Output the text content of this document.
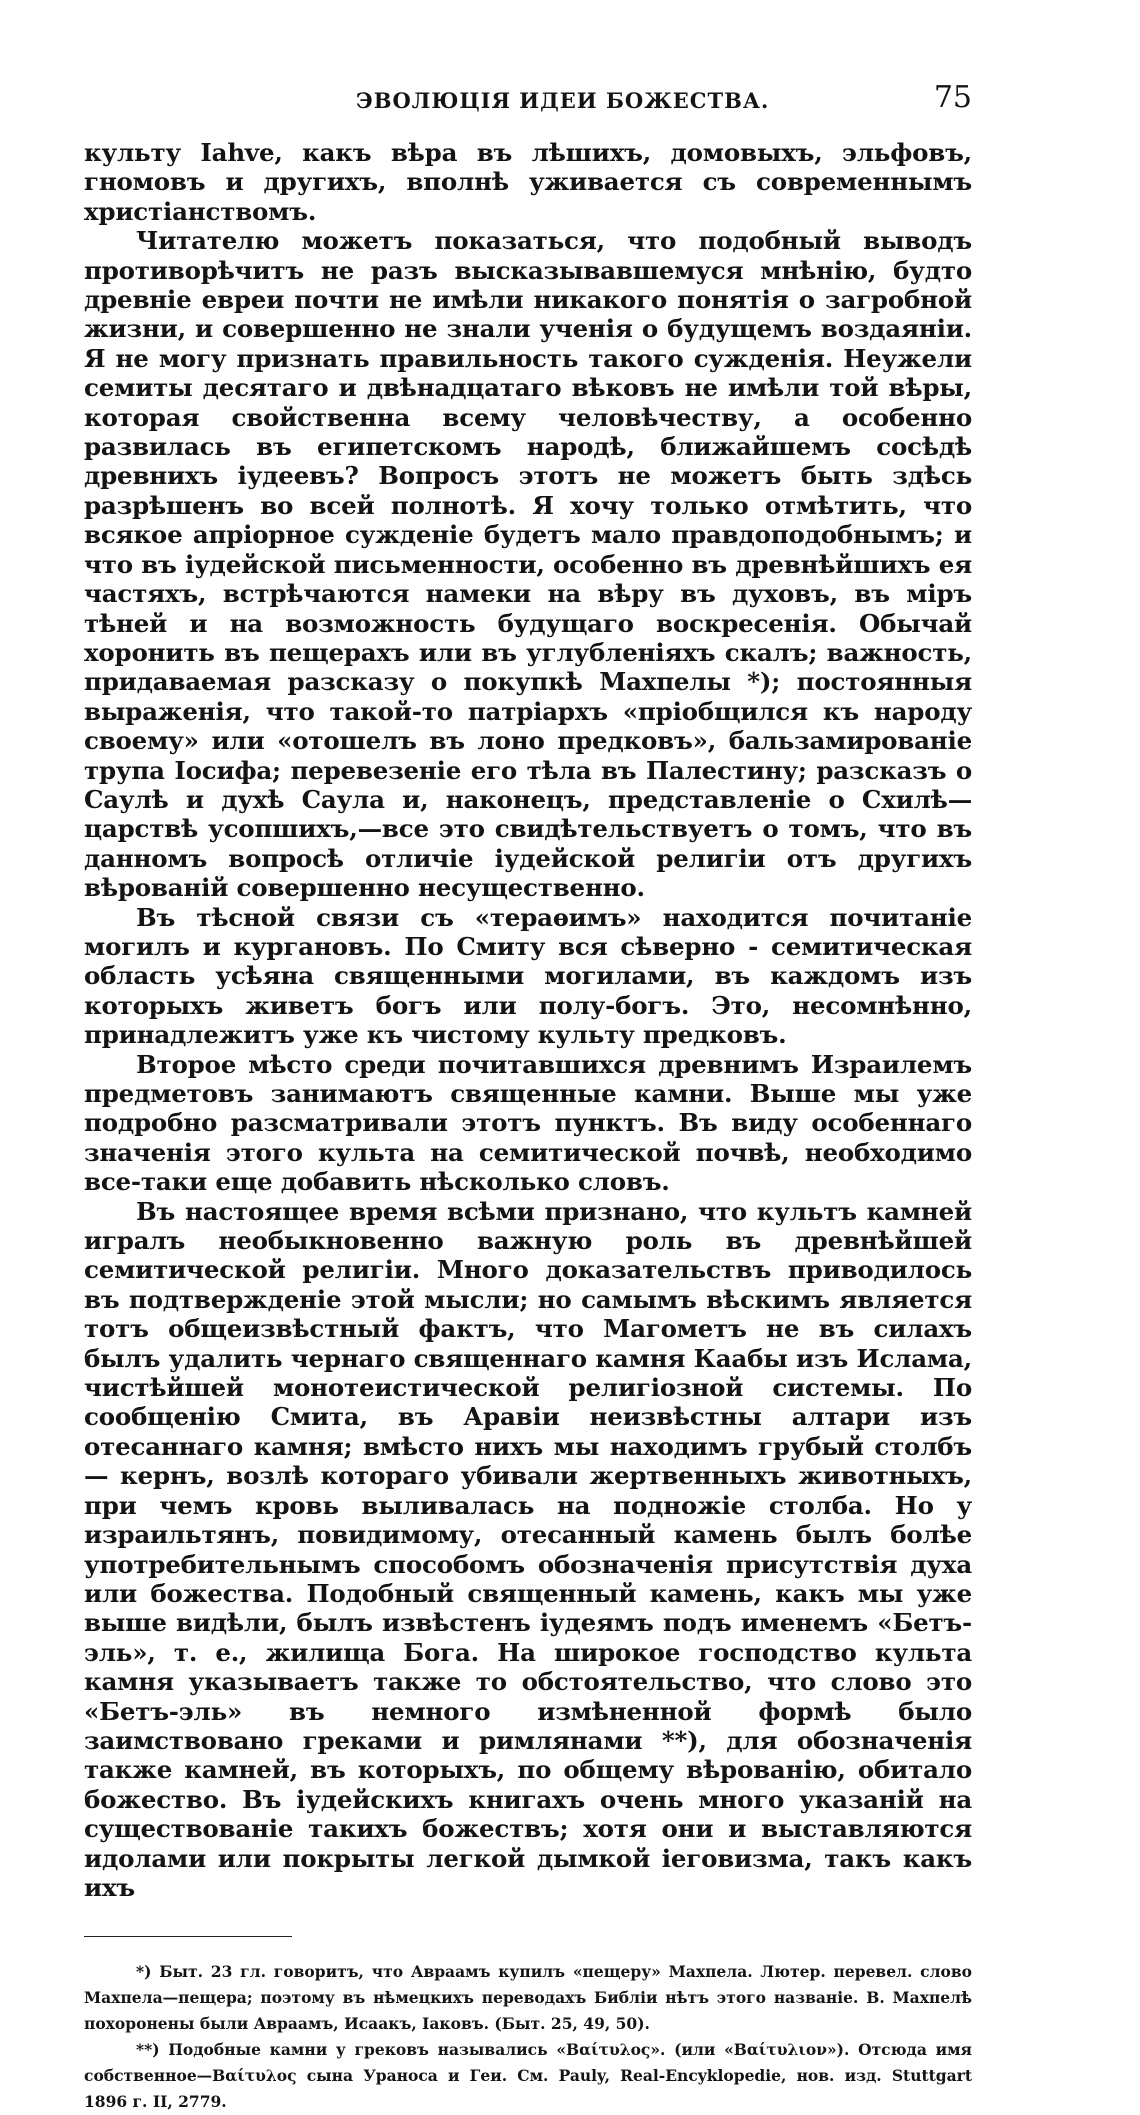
ЭВОЛЮЦІЯ ИДЕИ БОЖЕСТВА.	75

культу Iahve, какъ вѣра въ лѣшихъ, домовыхъ, эльфовъ, гномовъ и другихъ, вполнѣ уживается съ современнымъ христіанствомъ.

Читателю можетъ показаться, что подобный выводъ противорѣчитъ не разъ высказывавшемуся мнѣнію, будто древніе евреи почти не имѣли никакого понятія о загробной жизни, и совершенно не знали ученія о будущемъ воздаяніи. Я не могу признать правильность такого сужденія. Неужели семиты десятаго и двѣнадцатаго вѣковъ не имѣли той вѣры, которая свойственна всему человѣчеству, а особенно развилась въ египетскомъ народѣ, ближайшемъ сосѣдѣ древнихъ іудеевъ? Вопросъ этотъ не можетъ быть здѣсь разрѣшенъ во всей полнотѣ. Я хочу только отмѣтить, что всякое апріорное сужденіе будетъ мало правдоподобнымъ; и что въ іудейской письменности, особенно въ древнѣйшихъ ея частяхъ, встрѣчаются намеки на вѣру въ духовъ, въ міръ тѣней и на возможность будущаго воскресенія. Обычай хоронить въ пещерахъ или въ углубленіяхъ скалъ; важность, придаваемая разсказу о покупкѣ Махпелы *); постоянныя выраженія, что такой-то патріархъ «пріобщился къ народу своему» или «отошелъ въ лоно предковъ», бальзамированіе трупа Іосифа; перевезеніе его тѣла въ Палестину; разсказъ о Саулѣ и духѣ Саула и, наконецъ, представленіе о Схилѣ—царствѣ усопшихъ,—все это свидѣтельствуетъ о томъ, что въ данномъ вопросѣ отличіе іудейской религіи отъ другихъ вѣрованій совершенно несущественно.

Въ тѣсной связи съ «тераѳимъ» находится почитаніе могилъ и кургановъ. По Смиту вся сѣверно - семитическая область усѣяна священными могилами, въ каждомъ изъ которыхъ живетъ богъ или полу-богъ. Это, несомнѣнно, принадлежитъ уже къ чистому культу предковъ.

Второе мѣсто среди почитавшихся древнимъ Израилемъ предметовъ занимаютъ священные камни. Выше мы уже подробно разсматривали этотъ пунктъ. Въ виду особеннаго значенія этого культа на семитической почвѣ, необходимо все-таки еще добавить нѣсколько словъ.

Въ настоящее время всѣми признано, что культъ камней игралъ необыкновенно важную роль въ древнѣйшей семитической религіи. Много доказательствъ приводилось въ подтвержденіе этой мысли; но самымъ вѣскимъ является тотъ общеизвѣстный фактъ, что Магометъ не въ силахъ былъ удалить чернаго священнаго камня Каабы изъ Ислама, чистѣйшей монотеистической религіозной системы. По сообщенію Смита, въ Аравіи неизвѣстны алтари изъ отесаннаго камня; вмѣсто нихъ мы находимъ грубый столбъ — кернъ, возлѣ котораго убивали жертвенныхъ животныхъ, при чемъ кровь выливалась на подножіе столба. Но у израильтянъ, повидимому, отесанный камень былъ болѣе употребительнымъ способомъ обозначенія присутствія духа или божества. Подобный священный камень, какъ мы уже выше видѣли, былъ извѣстенъ іудеямъ подъ именемъ «Бетъ-эль», т. е., жилища Бога. На широкое господство культа камня указываетъ также то обстоятельство, что слово это «Бетъ-эль» въ немного измѣненной формѣ было заимствовано греками и римлянами **), для обозначенія также камней, въ которыхъ, по общему вѣрованію, обитало божество. Въ іудейскихъ книгахъ очень много указаній на существованіе такихъ божествъ; хотя они и выставляются идолами или покрыты легкой дымкой іеговизма, такъ какъ ихъ

*) Быт. 23 гл. говоритъ, что Авраамъ купилъ «пещеру» Махпела. Лютер. перевел. слово Махпела—пещера; поэтому въ нѣмецкихъ переводахъ Библіи нѣтъ этого названіе. В. Махпелѣ похоронены были Авраамъ, Исаакъ, Іаковъ. (Быт. 25, 49, 50).

**) Подобные камни у грековъ назывались «Βαίτυλος». (или «Βαίτυλιον»). Отсюда имя собственное—Βαίτυλος сына Ураноса и Геи. См. Pauly, Real-Encyklopedie, нов. изд. Stuttgart 1896 г. II, 2779.
